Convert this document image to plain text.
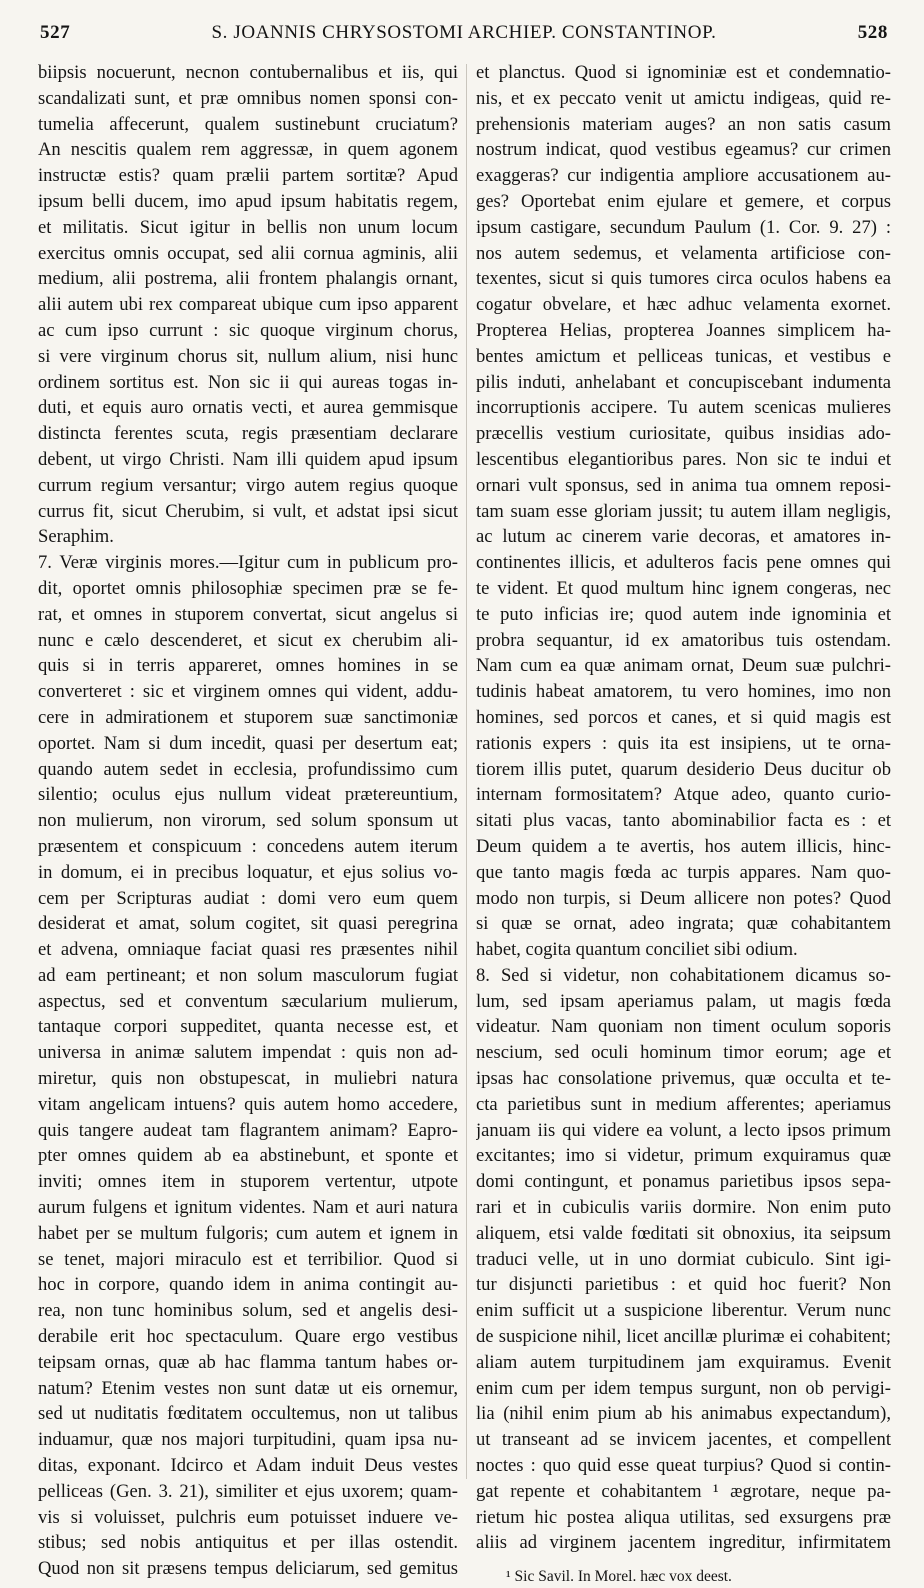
527	S. JOANNIS CHRYSOSTOMI ARCHIEP. CONSTANTINOP.	528
biipsis nocuerunt, necnon contubernalibus et iis, qui
scandalizati sunt, et præ omnibus nomen sponsi con-
tumelia affecerunt, qualem sustinebunt cruciatum?
An nescitis qualem rem aggressæ, in quem agonem
instructæ estis? quam prælii partem sortitæ? Apud
ipsum belli ducem, imo apud ipsum habitatis regem,
et militatis. Sicut igitur in bellis non unum locum
exercitus omnis occupat, sed alii cornua agminis, alii
medium, alii postrema, alii frontem phalangis ornant,
alii autem ubi rex compareat ubique cum ipso apparent
ac cum ipso currunt : sic quoque virginum chorus,
si vere virginum chorus sit, nullum alium, nisi hunc
ordinem sortitus est. Non sic ii qui aureas togas in-
duti, et equis auro ornatis vecti, et aurea gemmisque
distincta ferentes scuta, regis præsentiam declarare
debent, ut virgo Christi. Nam illi quidem apud ipsum
currum regium versantur; virgo autem regius quoque
currus fit, sicut Cherubim, si vult, et adstat ipsi sicut
Seraphim.
7. Veræ virginis mores.—Igitur cum in publicum pro-
dit, oportet omnis philosophiæ specimen præ se fe-
rat, et omnes in stuporem convertat, sicut angelus si
nunc e cælo descenderet, et sicut ex cherubim ali-
quis si in terris appareret, omnes homines in se
converteret : sic et virginem omnes qui vident, addu-
cere in admirationem et stuporem suæ sanctimoniæ
oportet. Nam si dum incedit, quasi per desertum eat;
quando autem sedet in ecclesia, profundissimo cum
silentio; oculus ejus nullum videat prætereuntium,
non mulierum, non virorum, sed solum sponsum ut
præsentem et conspicuum : concedens autem iterum
in domum, ei in precibus loquatur, et ejus solius vo-
cem per Scripturas audiat : domi vero eum quem
desiderat et amat, solum cogitet, sit quasi peregrina
et advena, omniaque faciat quasi res præsentes nihil
ad eam pertineant; et non solum masculorum fugiat
aspectus, sed et conventum sæcularium mulierum,
tantaque corpori suppeditet, quanta necesse est, et
universa in animæ salutem impendat : quis non ad-
miretur, quis non obstupescat, in muliebri natura
vitam angelicam intuens? quis autem homo accedere,
quis tangere audeat tam flagrantem animam? Eapro-
pter omnes quidem ab ea abstinebunt, et sponte et
inviti; omnes item in stuporem vertentur, utpote
aurum fulgens et ignitum videntes. Nam et auri natura
habet per se multum fulgoris; cum autem et ignem in
se tenet, majori miraculo est et terribilior. Quod si
hoc in corpore, quando idem in anima contingit au-
rea, non tunc hominibus solum, sed et angelis desi-
derabile erit hoc spectaculum. Quare ergo vestibus
teipsam ornas, quæ ab hac flamma tantum habes or-
natum? Etenim vestes non sunt datæ ut eis ornemur,
sed ut nuditatis fœditatem occultemus, non ut talibus
induamur, quæ nos majori turpitudini, quam ipsa nu-
ditas, exponant. Idcirco et Adam induit Deus vestes
pelliceas (Gen. 3. 21), similiter et ejus uxorem; quam-
vis si voluisset, pulchris eum potuisset induere ve-
stibus; sed nobis antiquitus et per illas ostendit.
Quod non sit præsens tempus deliciarum, sed gemitus
et planctus. Quod si ignominiæ est et condemnatio-
nis, et ex peccato venit ut amictu indigeas, quid re-
prehensionis materiam auges? an non satis casum
nostrum indicat, quod vestibus egeamus? cur crimen
exaggeras? cur indigentia ampliore accusationem au-
ges? Oportebat enim ejulare et gemere, et corpus
ipsum castigare, secundum Paulum (1. Cor. 9. 27) :
nos autem sedemus, et velamenta artificiose con-
texentes, sicut si quis tumores circa oculos habens ea
cogatur obvelare, et hæc adhuc velamenta exornet.
Propterea Helias, propterea Joannes simplicem ha-
bentes amictum et pelliceas tunicas, et vestibus e
pilis induti, anhelabant et concupiscebant indumenta
incorruptionis accipere. Tu autem scenicas mulieres
præcellis vestium curiositate, quibus insidias ado-
lescentibus elegantioribus pares. Non sic te indui et
ornari vult sponsus, sed in anima tua omnem reposi-
tam suam esse gloriam jussit; tu autem illam negligis,
ac lutum ac cinerem varie decoras, et amatores in-
continentes illicis, et adulteros facis pene omnes qui
te vident. Et quod multum hinc ignem congeras, nec
te puto inficias ire; quod autem inde ignominia et
probra sequantur, id ex amatoribus tuis ostendam.
Nam cum ea quæ animam ornat, Deum suæ pulchri-
tudinis habeat amatorem, tu vero homines, imo non
homines, sed porcos et canes, et si quid magis est
rationis expers : quis ita est insipiens, ut te orna-
tiorem illis putet, quarum desiderio Deus ducitur ob
internam formositatem? Atque adeo, quanto curio-
sitati plus vacas, tanto abominabilior facta es : et
Deum quidem a te avertis, hos autem illicis, hinc-
que tanto magis fœda ac turpis appares. Nam quo-
modo non turpis, si Deum allicere non potes? Quod
si quæ se ornat, adeo ingrata; quæ cohabitantem
habet, cogita quantum conciliet sibi odium.
8. Sed si videtur, non cohabitationem dicamus so-
lum, sed ipsam aperiamus palam, ut magis fœda
videatur. Nam quoniam non timent oculum soporis
nescium, sed oculi hominum timor eorum; age et
ipsas hac consolatione privemus, quæ occulta et te-
cta parietibus sunt in medium afferentes; aperiamus
januam iis qui videre ea volunt, a lecto ipsos primum
excitantes; imo si videtur, primum exquiramus quæ
domi contingunt, et ponamus parietibus ipsos sepa-
rari et in cubiculis variis dormire. Non enim puto
aliquem, etsi valde fœditati sit obnoxius, ita seipsum
traduci velle, ut in uno dormiat cubiculo. Sint igi-
tur disjuncti parietibus : et quid hoc fuerit? Non
enim sufficit ut a suspicione liberentur. Verum nunc
de suspicione nihil, licet ancillæ plurimæ ei cohabitent;
aliam autem turpitudinem jam exquiramus. Evenit
enim cum per idem tempus surgunt, non ob pervigi-
lia (nihil enim pium ab his animabus expectandum),
ut transeant ad se invicem jacentes, et compellent
noctes : quo quid esse queat turpius? Quod si contin-
gat repente et cohabitantem ¹ ægrotare, neque pa-
rietum hic postea aliqua utilitas, sed exsurgens præ
aliis ad virginem jacentem ingreditur, infirmitatem
¹ Sic Savil. In Morel. hæc vox deest.
